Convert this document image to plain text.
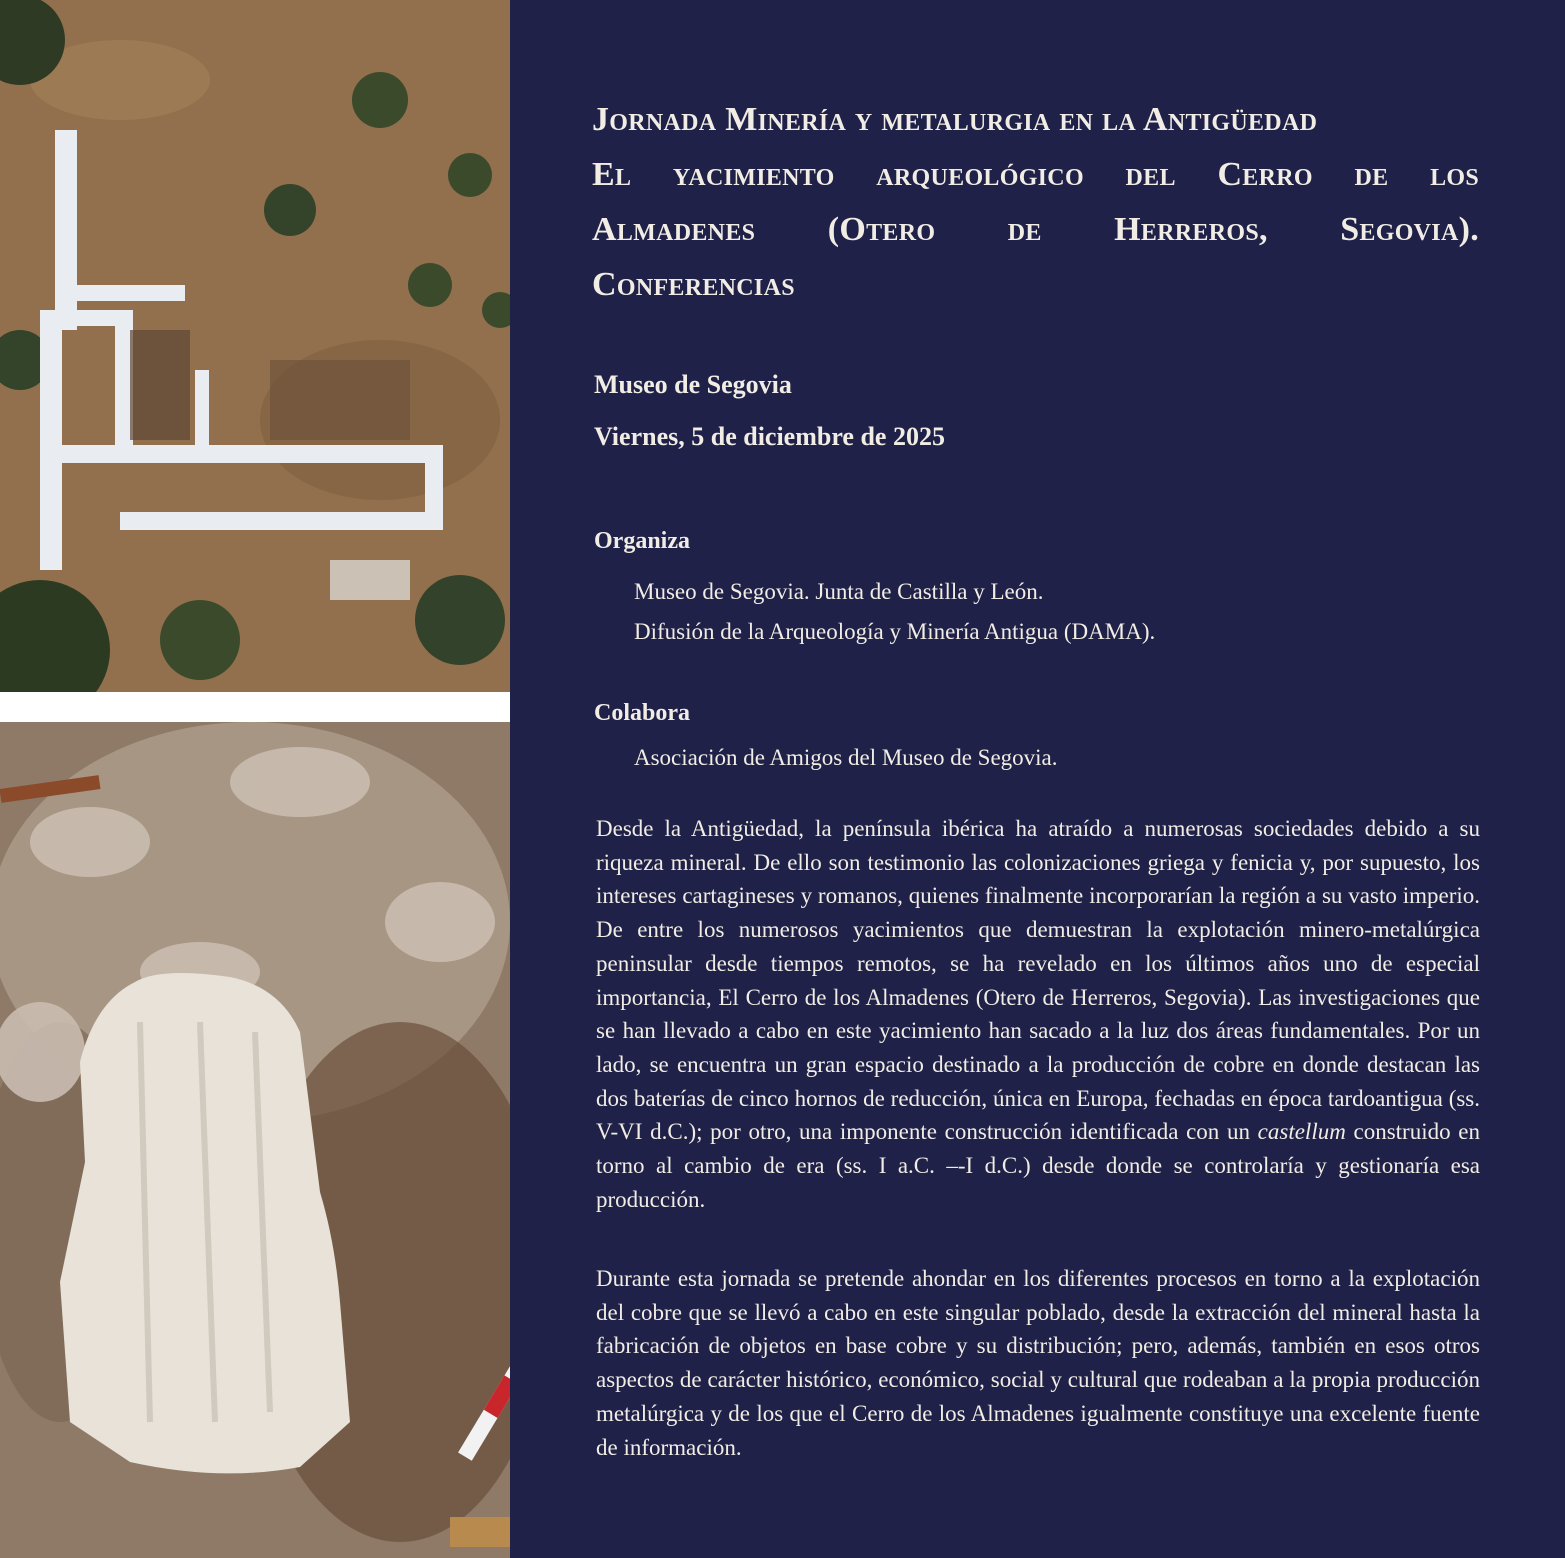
Jornada Minería y metalurgia en la Antigüedad
El yacimiento arqueológico del Cerro de los
Almadenes (Otero de Herreros, Segovia).
Conferencias

Museo de Segovia

Viernes, 5 de diciembre de 2025

Organiza

Museo de Segovia. Junta de Castilla y León.
Difusión de la Arqueología y Minería Antigua (DAMA).

Colabora

Asociación de Amigos del Museo de Segovia.

Desde la Antigüedad, la península ibérica ha atraído a numerosas sociedades debido a su riqueza mineral. De ello son testimonio las colonizaciones griega y fenicia y, por supuesto, los intereses cartagineses y romanos, quienes finalmente incorporarían la región a su vasto imperio. De entre los numerosos yacimientos que demuestran la explotación minero-metalúrgica peninsular desde tiempos remotos, se ha revelado en los últimos años uno de especial importancia, El Cerro de los Almadenes (Otero de Herreros, Segovia). Las investigaciones que se han llevado a cabo en este yacimiento han sacado a la luz dos áreas fundamentales. Por un lado, se encuentra un gran espacio destinado a la producción de cobre en donde destacan las dos baterías de cinco hornos de reducción, única en Europa, fechadas en época tardoantigua (ss. V-VI d.C.); por otro, una imponente construcción identificada con un castellum construido en torno al cambio de era (ss. I a.C. –-I d.C.) desde donde se controlaría y gestionaría esa producción.

Durante esta jornada se pretende ahondar en los diferentes procesos en torno a la explotación del cobre que se llevó a cabo en este singular poblado, desde la extracción del mineral hasta la fabricación de objetos en base cobre y su distribución; pero, además, también en esos otros aspectos de carácter histórico, económico, social y cultural que rodeaban a la propia producción metalúrgica y de los que el Cerro de los Almadenes igualmente constituye una excelente fuente de información.
